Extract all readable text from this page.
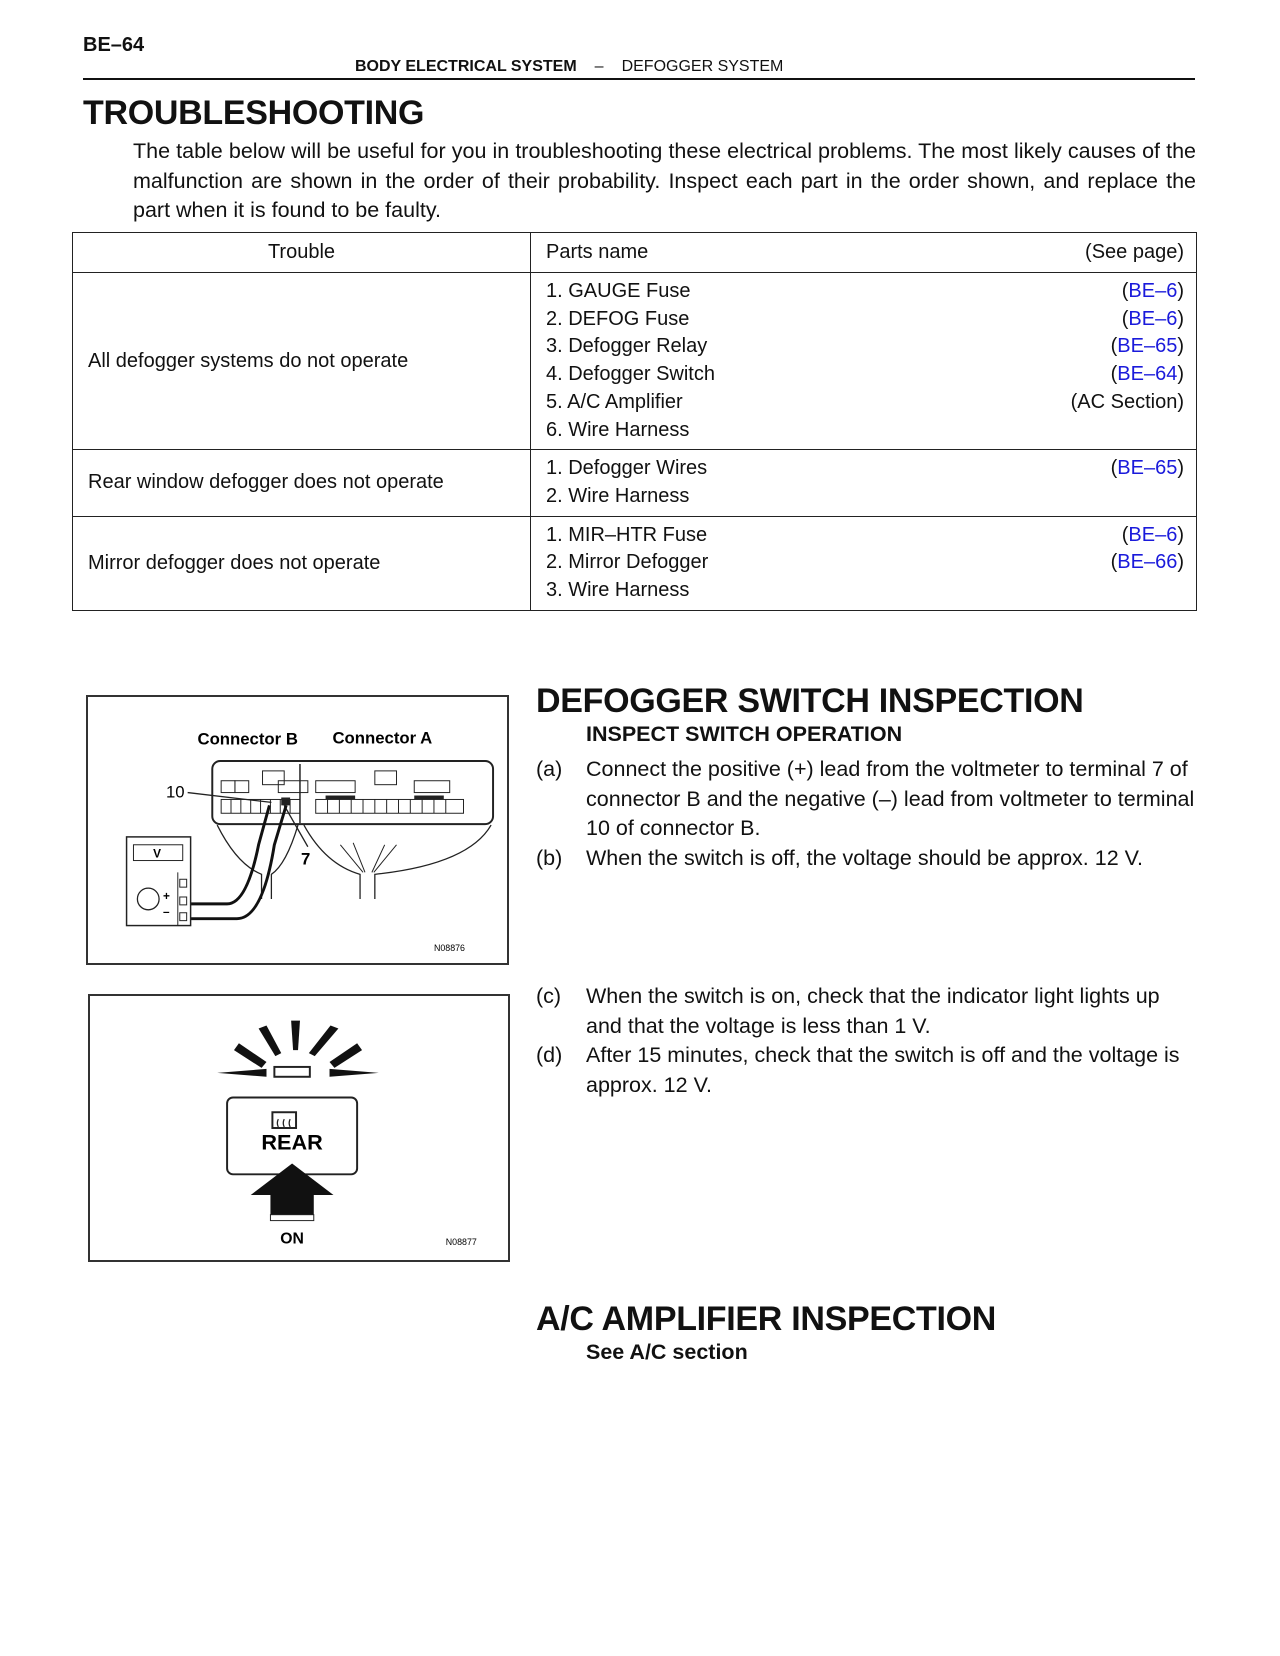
BE–64
BODY ELECTRICAL SYSTEM – DEFOGGER SYSTEM
TROUBLESHOOTING
The table below will be useful for you in troubleshooting these electrical problems. The most likely causes of the malfunction are shown in the order of their probability. Inspect each part in the order shown, and replace the part when it is found to be faulty.
Trouble	Parts name (See page)

All defogger systems do not operate	
1. GAUGE Fuse	(BE–6)
2. DEFOG Fuse	(BE–6)
3. Defogger Relay	(BE–65)
4. Defogger Switch	(BE–64)
5. A/C Amplifier	(AC Section)
6. Wire Harness

Rear window defogger does not operate	1. Defogger Wires (BE–65)
2. Wire Harness

Mirror defogger does not operate	1. MIR–HTR Fuse (BE–6)
2. Mirror Defogger (BE–66)
3. Wire Harness
Connector B Connector A
10
7
V
+
–
N08876
REAR
ON	N08877
DEFOGGER SWITCH INSPECTION
INSPECT SWITCH OPERATION
(a)	Connect the positive (+) lead from the voltmeter to terminal 7 of connector B and the negative (–) lead from voltmeter to terminal 10 of connector B.
(b)	When the switch is off, the voltage should be approx. 12 V.
(c)	When the switch is on, check that the indicator light lights up and that the voltage is less than 1 V.
(d)	After 15 minutes, check that the switch is off and the voltage is approx. 12 V.
A/C AMPLIFIER INSPECTION
See A/C section
